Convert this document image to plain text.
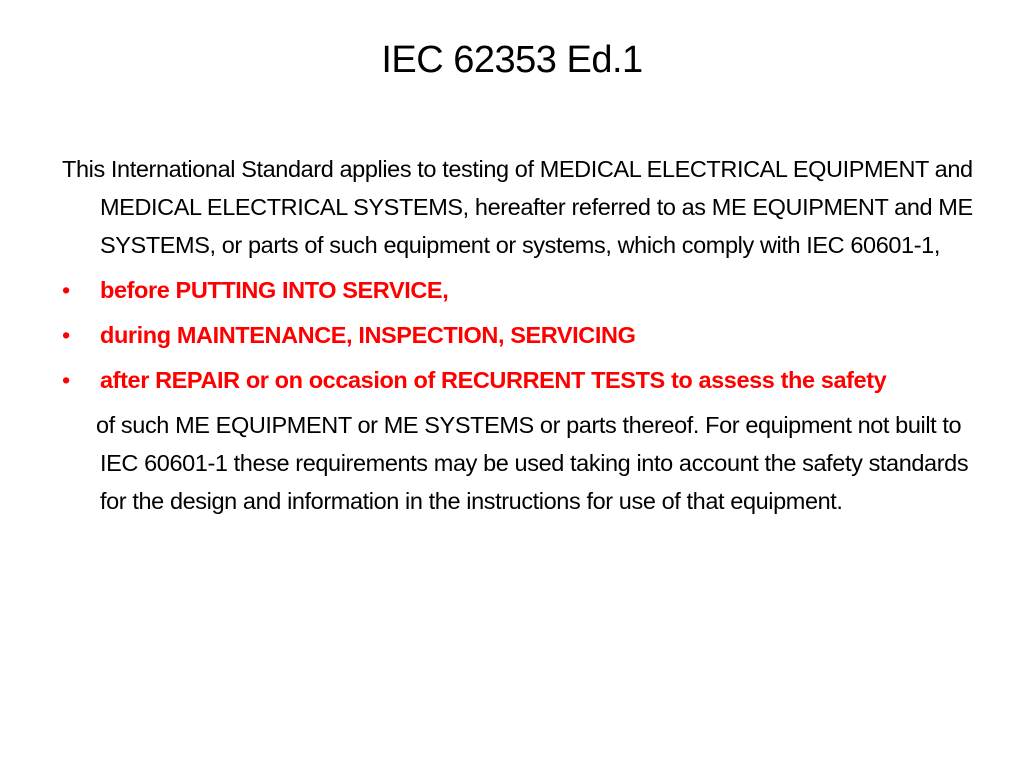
IEC 62353 Ed.1

This International Standard applies to testing of MEDICAL ELECTRICAL EQUIPMENT and MEDICAL ELECTRICAL SYSTEMS, hereafter referred to as ME EQUIPMENT and ME SYSTEMS, or parts of such equipment or systems, which comply with IEC 60601-1,

•	before PUTTING INTO SERVICE,
•	during MAINTENANCE, INSPECTION, SERVICING
•	after REPAIR or on occasion of RECURRENT TESTS to assess the safety

of such ME EQUIPMENT or ME SYSTEMS or parts thereof. For equipment not built to IEC 60601-1 these requirements may be used taking into account the safety standards for the design and information in the instructions for use of that equipment.
